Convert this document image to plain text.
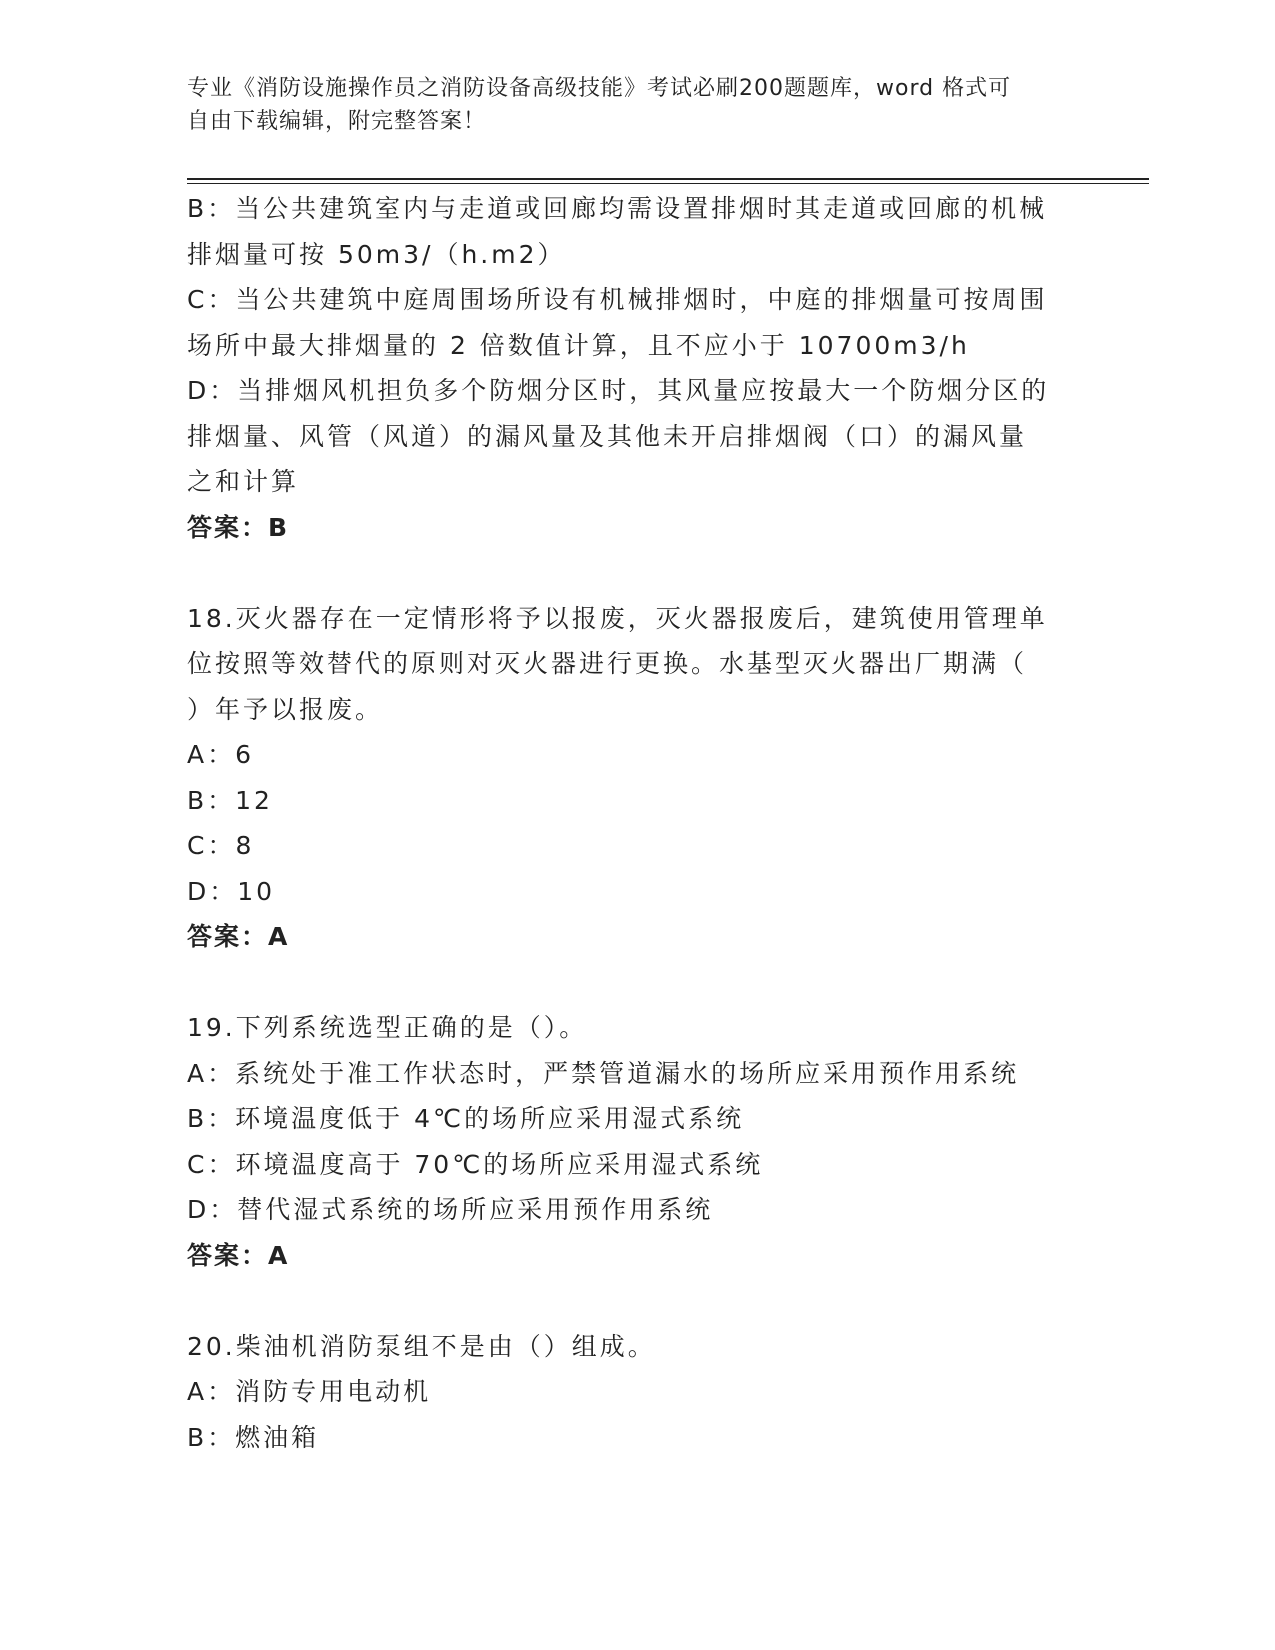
专业《消防设施操作员之消防设备高级技能》考试必刷200题题库，word 格式可
自由下载编辑，附完整答案！
B：当公共建筑室内与走道或回廊均需设置排烟时其走道或回廊的机械
排烟量可按 50m3/（h.m2）
C：当公共建筑中庭周围场所设有机械排烟时，中庭的排烟量可按周围
场所中最大排烟量的 2 倍数值计算，且不应小于 10700m3/h
D：当排烟风机担负多个防烟分区时，其风量应按最大一个防烟分区的
排烟量、风管（风道）的漏风量及其他未开启排烟阀（口）的漏风量
之和计算
答案：B
18.灭火器存在一定情形将予以报废，灭火器报废后，建筑使用管理单
位按照等效替代的原则对灭火器进行更换。水基型灭火器出厂期满（
）年予以报废。
A：6
B：12
C：8
D：10
答案：A
19.下列系统选型正确的是（）。
A：系统处于准工作状态时，严禁管道漏水的场所应采用预作用系统
B：环境温度低于 4℃的场所应采用湿式系统
C：环境温度高于 70℃的场所应采用湿式系统
D：替代湿式系统的场所应采用预作用系统
答案：A
20.柴油机消防泵组不是由（）组成。
A：消防专用电动机
B：燃油箱
